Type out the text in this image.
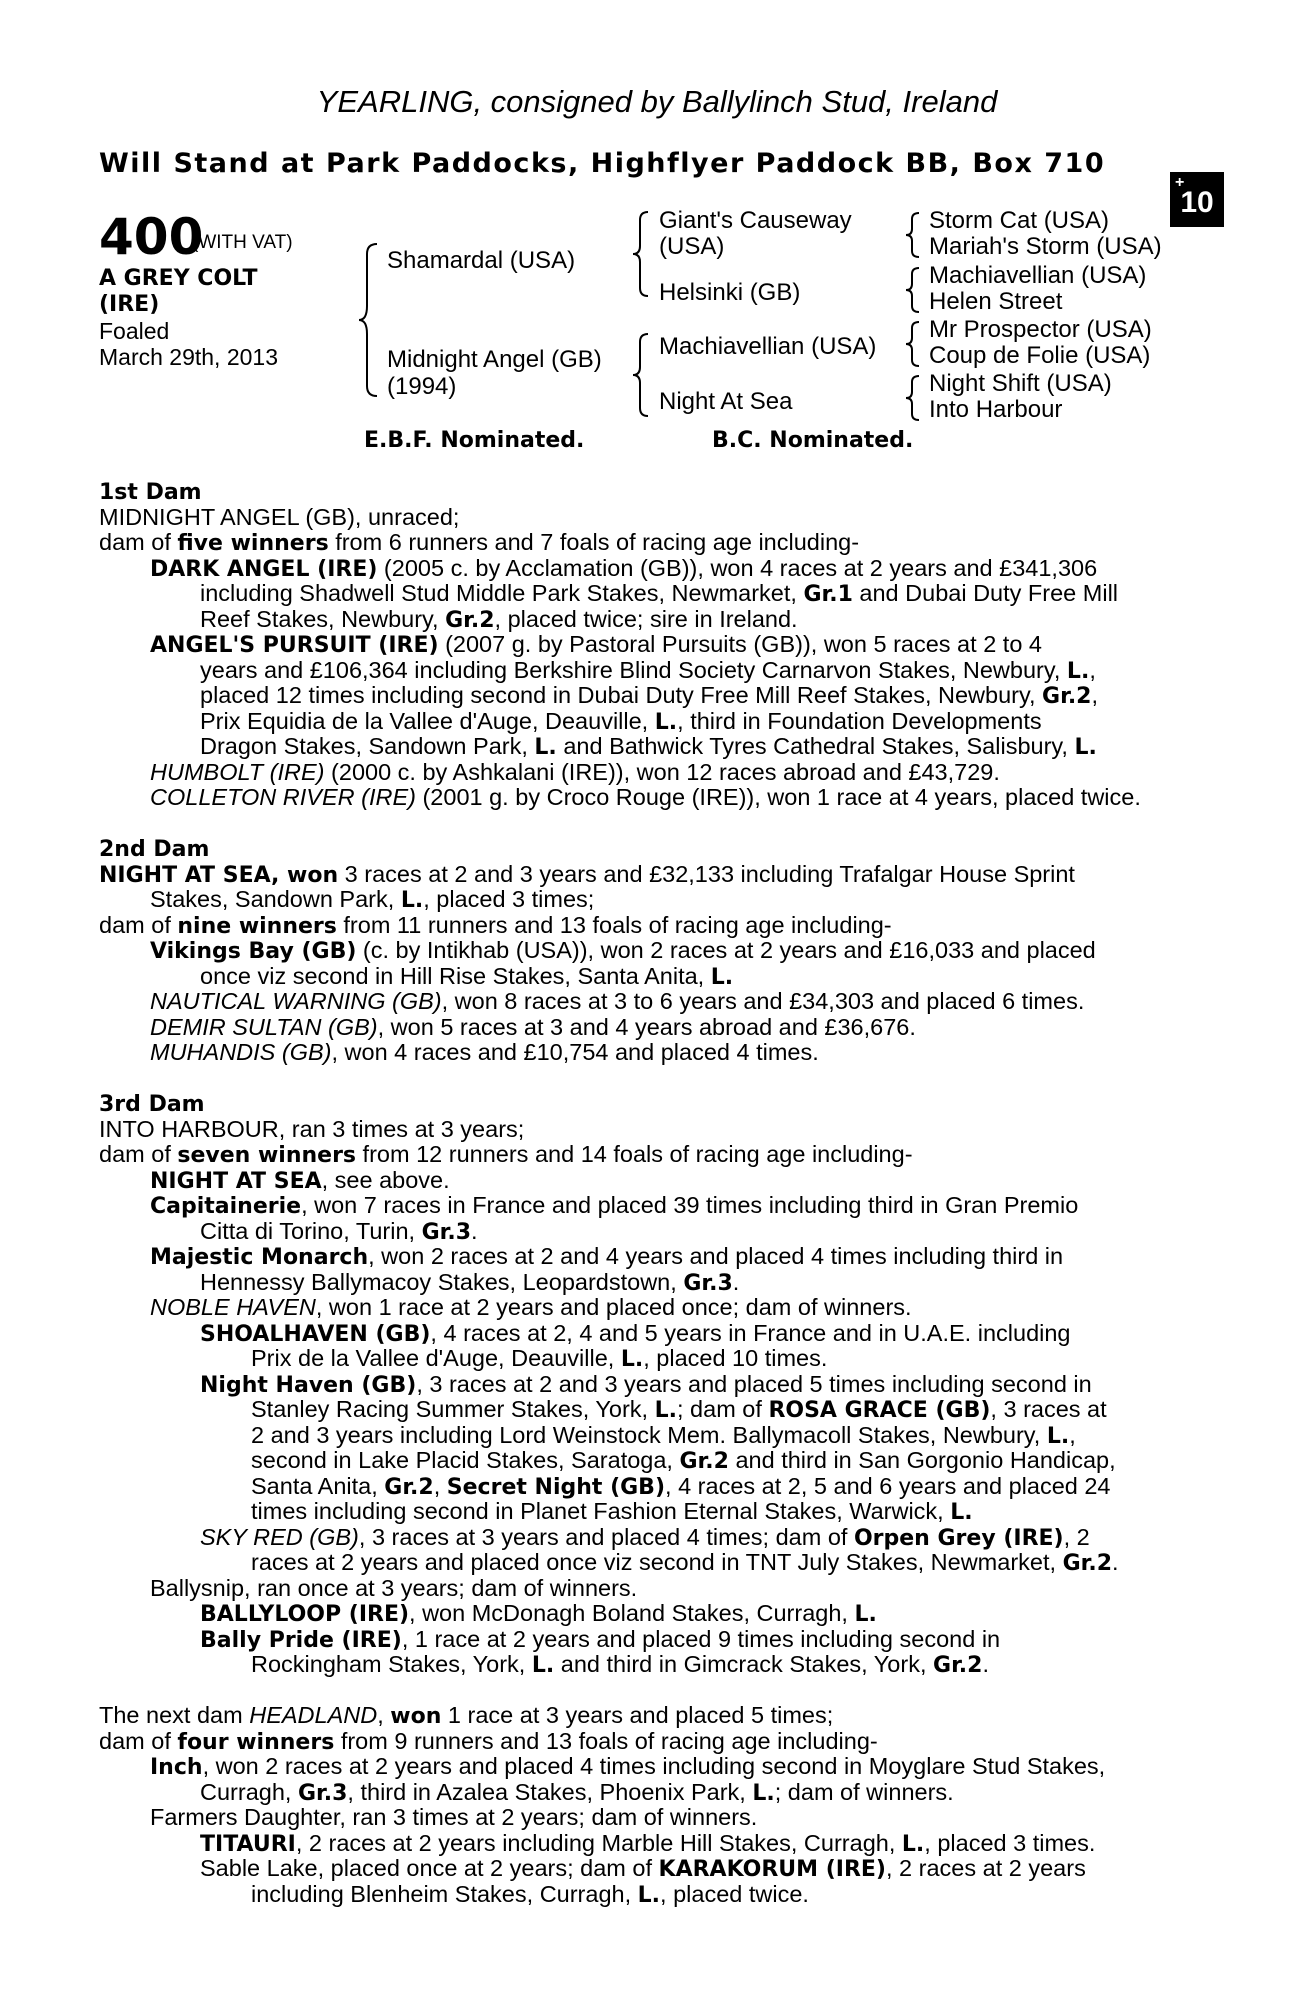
YEARLING, consigned by Ballylinch Stud, Ireland
Will Stand at Park Paddocks, Highflyer Paddock BB, Box 710
+
10
400
(WITH VAT)
A GREY COLT
(IRE)
Foaled
March 29th, 2013
Shamardal (USA)
Midnight Angel (GB)
(1994)
Giant's Causeway
(USA)
Helsinki (GB)
Machiavellian (USA)
Night At Sea
Storm Cat (USA)
Mariah's Storm (USA)
Machiavellian (USA)
Helen Street
Mr Prospector (USA)
Coup de Folie (USA)
Night Shift (USA)
Into Harbour
E.B.F. Nominated.	B.C. Nominated.
1st Dam
MIDNIGHT ANGEL (GB), unraced;
dam of five winners from 6 runners and 7 foals of racing age including-
DARK ANGEL (IRE) (2005 c. by Acclamation (GB)), won 4 races at 2 years and £341,306
including Shadwell Stud Middle Park Stakes, Newmarket, Gr.1 and Dubai Duty Free Mill
Reef Stakes, Newbury, Gr.2, placed twice; sire in Ireland.
ANGEL'S PURSUIT (IRE) (2007 g. by Pastoral Pursuits (GB)), won 5 races at 2 to 4
years and £106,364 including Berkshire Blind Society Carnarvon Stakes, Newbury, L.,
placed 12 times including second in Dubai Duty Free Mill Reef Stakes, Newbury, Gr.2,
Prix Equidia de la Vallee d'Auge, Deauville, L., third in Foundation Developments
Dragon Stakes, Sandown Park, L. and Bathwick Tyres Cathedral Stakes, Salisbury, L.
HUMBOLT (IRE) (2000 c. by Ashkalani (IRE)), won 12 races abroad and £43,729.
COLLETON RIVER (IRE) (2001 g. by Croco Rouge (IRE)), won 1 race at 4 years, placed twice.
2nd Dam
NIGHT AT SEA, won 3 races at 2 and 3 years and £32,133 including Trafalgar House Sprint
Stakes, Sandown Park, L., placed 3 times;
dam of nine winners from 11 runners and 13 foals of racing age including-
Vikings Bay (GB) (c. by Intikhab (USA)), won 2 races at 2 years and £16,033 and placed
once viz second in Hill Rise Stakes, Santa Anita, L.
NAUTICAL WARNING (GB), won 8 races at 3 to 6 years and £34,303 and placed 6 times.
DEMIR SULTAN (GB), won 5 races at 3 and 4 years abroad and £36,676.
MUHANDIS (GB), won 4 races and £10,754 and placed 4 times.
3rd Dam
INTO HARBOUR, ran 3 times at 3 years;
dam of seven winners from 12 runners and 14 foals of racing age including-
NIGHT AT SEA, see above.
Capitainerie, won 7 races in France and placed 39 times including third in Gran Premio
Citta di Torino, Turin, Gr.3.
Majestic Monarch, won 2 races at 2 and 4 years and placed 4 times including third in
Hennessy Ballymacoy Stakes, Leopardstown, Gr.3.
NOBLE HAVEN, won 1 race at 2 years and placed once; dam of winners.
SHOALHAVEN (GB), 4 races at 2, 4 and 5 years in France and in U.A.E. including
Prix de la Vallee d'Auge, Deauville, L., placed 10 times.
Night Haven (GB), 3 races at 2 and 3 years and placed 5 times including second in
Stanley Racing Summer Stakes, York, L.; dam of ROSA GRACE (GB), 3 races at
2 and 3 years including Lord Weinstock Mem. Ballymacoll Stakes, Newbury, L.,
second in Lake Placid Stakes, Saratoga, Gr.2 and third in San Gorgonio Handicap,
Santa Anita, Gr.2, Secret Night (GB), 4 races at 2, 5 and 6 years and placed 24
times including second in Planet Fashion Eternal Stakes, Warwick, L.
SKY RED (GB), 3 races at 3 years and placed 4 times; dam of Orpen Grey (IRE), 2
races at 2 years and placed once viz second in TNT July Stakes, Newmarket, Gr.2.
Ballysnip, ran once at 3 years; dam of winners.
BALLYLOOP (IRE), won McDonagh Boland Stakes, Curragh, L.
Bally Pride (IRE), 1 race at 2 years and placed 9 times including second in
Rockingham Stakes, York, L. and third in Gimcrack Stakes, York, Gr.2.
The next dam HEADLAND, won 1 race at 3 years and placed 5 times;
dam of four winners from 9 runners and 13 foals of racing age including-
Inch, won 2 races at 2 years and placed 4 times including second in Moyglare Stud Stakes,
Curragh, Gr.3, third in Azalea Stakes, Phoenix Park, L.; dam of winners.
Farmers Daughter, ran 3 times at 2 years; dam of winners.
TITAURI, 2 races at 2 years including Marble Hill Stakes, Curragh, L., placed 3 times.
Sable Lake, placed once at 2 years; dam of KARAKORUM (IRE), 2 races at 2 years
including Blenheim Stakes, Curragh, L., placed twice.
